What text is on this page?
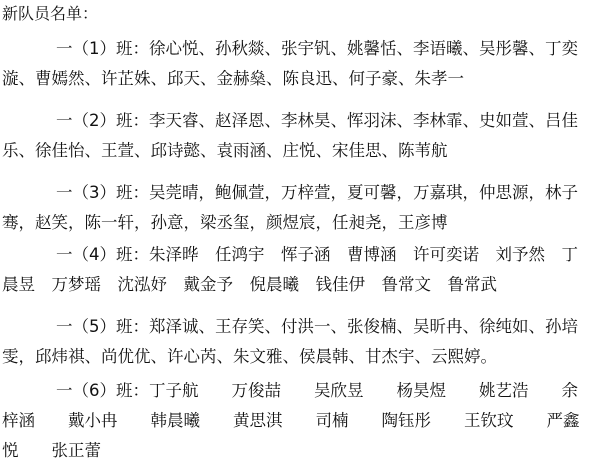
新队员名单：

一（1）班：徐心悦、孙秋燚、张宇钒、姚馨恬、李语曦、吴彤馨、丁奕漩、曹嫣然、许芷姝、邱天、金赫燊、陈良迅、何子豪、朱孝一

一（2）班：李天睿、赵泽恩、李林昊、恽羽沫、李林霏、史如萱、吕佳乐、徐佳怡、王萱、邱诗懿、袁雨涵、庄悦、宋佳思、陈苇航

一（3）班：吴莞晴，鲍佩萱，万梓萱，夏可馨，万嘉琪，仲思源，林子骞，赵笑，陈一轩，孙意，梁丞玺，颜煜宸，任昶尧，王彦博

一（4）班：朱泽晔　任鸿宇　恽子涵　曹博涵　许可奕诺　刘予然　丁晨昱　万梦瑶　沈泓妤　戴金予　倪晨曦　钱佳伊　鲁常文　鲁常武

一（5）班：郑泽诚、王存笑、付洪一、张俊楠、吴昕冉、徐纯如、孙培雯，邱炜祺、尚优优、许心芮、朱文雅、侯晨韩、甘杰宇、云熙婷。

一（6）班：丁子航　　万俊喆　　吴欣昱　　杨昊煜　　姚艺浩　　余梓涵　　戴小冉　　韩晨曦　　黄思淇　　司楠　　陶钰彤　　王钦玟　　严鑫悦　　张正蕾
